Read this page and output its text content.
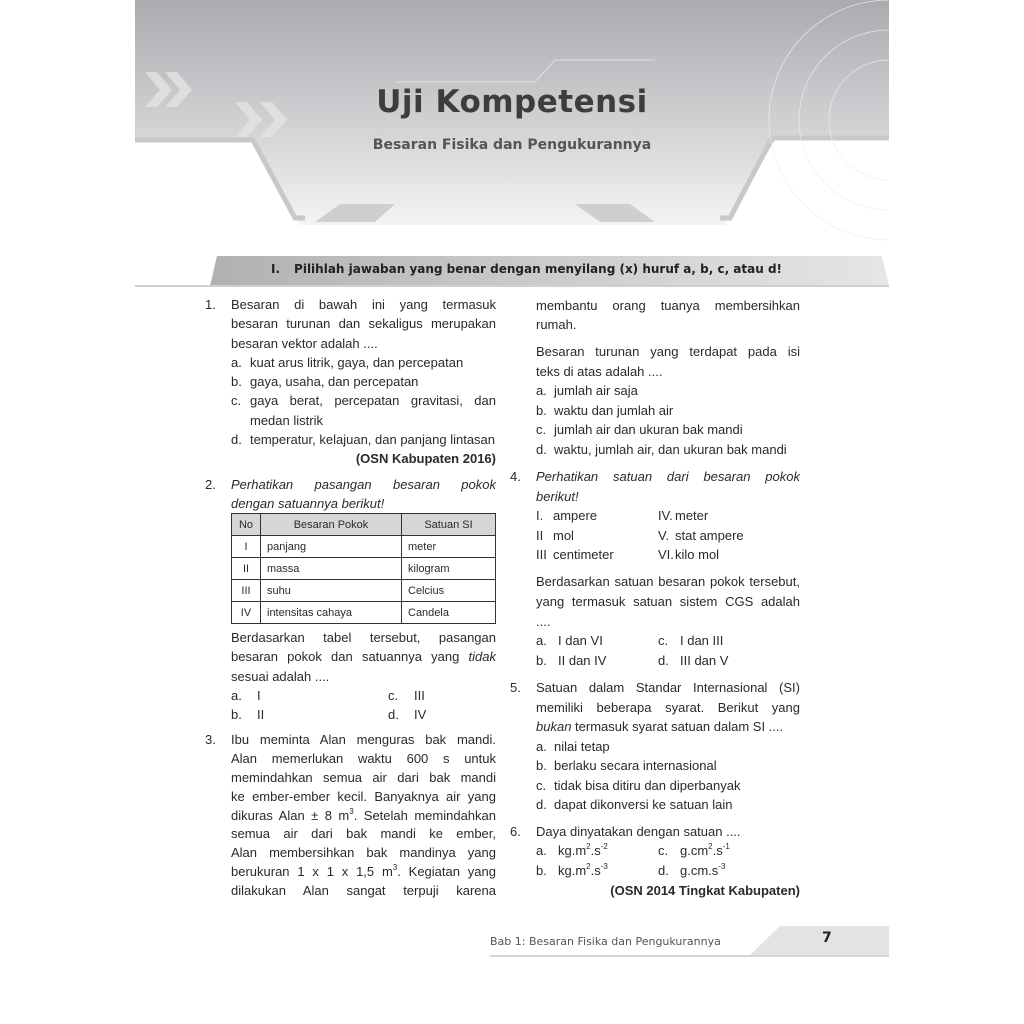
Uji Kompetensi
Besaran Fisika dan Pengukurannya
I. Pilihlah jawaban yang benar dengan menyilang (x) huruf a, b, c, atau d!
1. Besaran di bawah ini yang termasuk
besaran turunan dan sekaligus merupakan
besaran vektor adalah ....
a. kuat arus litrik, gaya, dan percepatan
b. gaya, usaha, dan percepatan
c. gaya berat, percepatan gravitasi, dan
medan listrik
d. temperatur, kelajuan, dan panjang lintasan
(OSN Kabupaten 2016)
2. Perhatikan pasangan besaran pokok
dengan satuannya berikut!
Berdasarkan tabel tersebut, pasangan
besaran pokok dan satuannya yang tidak
sesuai adalah ....
a.	I	c.	III
b.	II	d.	IV
3. Ibu meminta Alan menguras bak mandi.
Alan memerlukan waktu 600 s untuk
memindahkan semua air dari bak mandi
ke ember-ember kecil. Banyaknya air yang
dikuras Alan ± 8 $m^3$. Setelah memindahkan
semua air dari bak mandi ke ember,
Alan membersihkan bak mandinya yang
berukuran 1 x 1 x 1,5 $m^3$. Kegiatan yang
dilakukan Alan sangat terpuji karena
membantu orang tuanya membersihkan
rumah.
Besaran turunan yang terdapat pada isi
teks di atas adalah ....
a. jumlah air saja
b. waktu dan jumlah air
c. jumlah air dan ukuran bak mandi
d. waktu, jumlah air, dan ukuran bak mandi
4. Perhatikan satuan dari besaran pokok
berikut!
I. ampere	IV. meter
II mol	V. stat ampere
III centimeter	VI. kilo mol
Berdasarkan satuan besaran pokok tersebut,
yang termasuk satuan sistem CGS adalah
....
a. I dan VI	c. I dan III
b. II dan IV	d. III dan V
5. Satuan dalam Standar Internasional (SI)
memiliki beberapa syarat. Berikut yang
bukan termasuk syarat satuan dalam SI ....
a. nilai tetap
b. berlaku secara internasional
c. tidak bisa ditiru dan diperbanyak
d. dapat dikonversi ke satuan lain
6. Daya dinyatakan dengan satuan ....
a. $kg.m^2.s^{-2}$	c. $g.cm^2.s^{-1}$
b. $kg.m^2.s^{-3}$	d. $g.cm.s^{-3}$
(OSN 2014 Tingkat Kabupaten)
No	Besaran Pokok	Satuan SI
I	panjang	meter
II	massa	kilogram
III	suhu	Celcius
IV	intensitas cahaya	Candela
Bab 1: Besaran Fisika dan Pengukurannya	7
